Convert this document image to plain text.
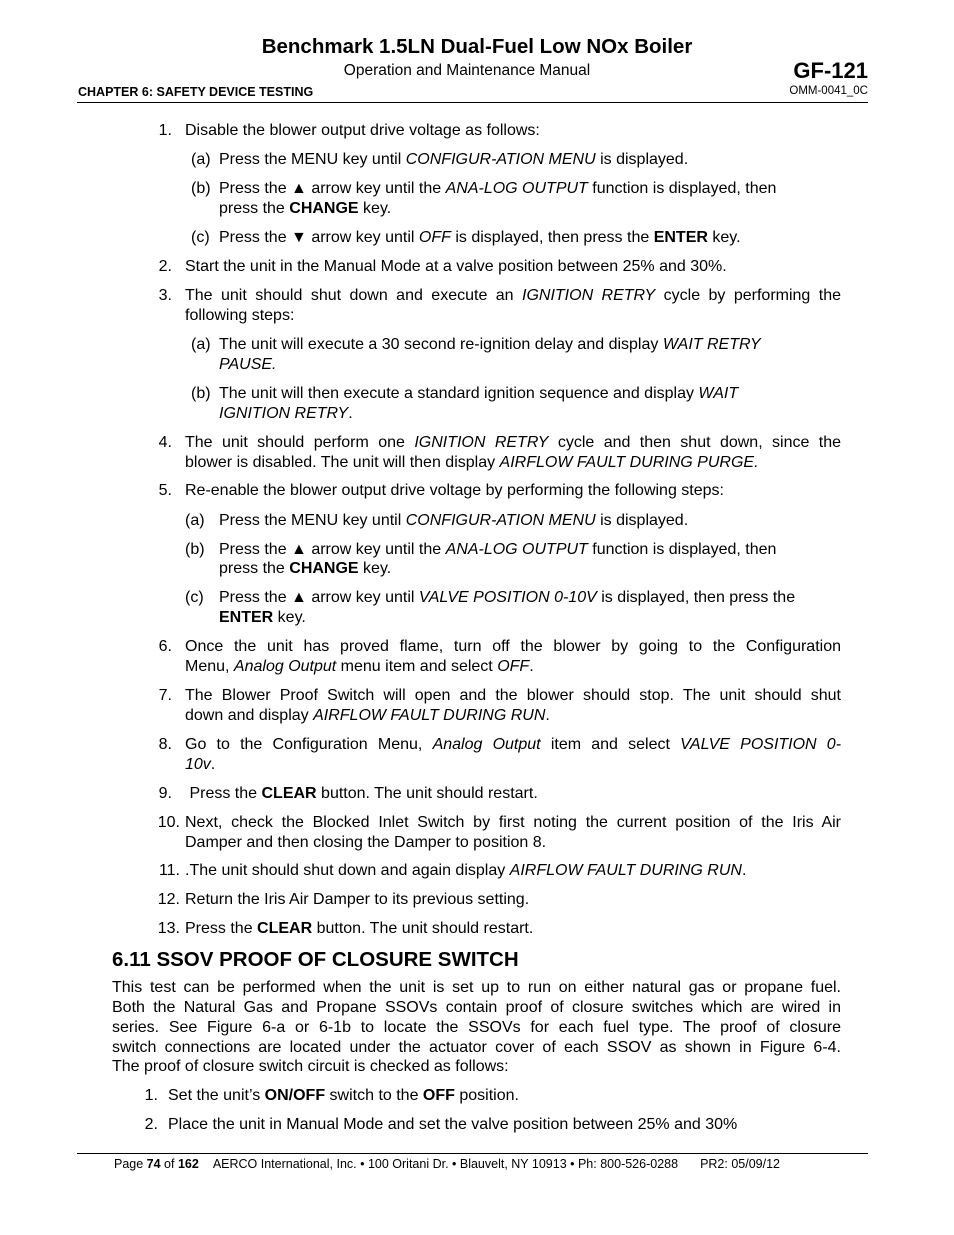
Benchmark 1.5LN Dual-Fuel Low NOx Boiler
Operation and Maintenance Manual	GF-121
CHAPTER 6: SAFETY DEVICE TESTING	OMM-0041_0C
1. Disable the blower output drive voltage as follows:
(a) Press the MENU key until CONFIGUR-ATION MENU is displayed.
(b) Press the ▲ arrow key until the ANA-LOG OUTPUT function is displayed, then
press the CHANGE key.
(c) Press the ▼ arrow key until OFF is displayed, then press the ENTER key.
2. Start the unit in the Manual Mode at a valve position between 25% and 30%.
3. The unit should shut down and execute an IGNITION RETRY cycle by performing the
following steps:
(a) The unit will execute a 30 second re-ignition delay and display WAIT RETRY
PAUSE.
(b) The unit will then execute a standard ignition sequence and display WAIT
IGNITION RETRY.
4. The unit should perform one IGNITION RETRY cycle and then shut down, since the
blower is disabled. The unit will then display AIRFLOW FAULT DURING PURGE.
5. Re-enable the blower output drive voltage by performing the following steps:
(a) Press the MENU key until CONFIGUR-ATION MENU is displayed.
(b) Press the ▲ arrow key until the ANA-LOG OUTPUT function is displayed, then
press the CHANGE key.
(c) Press the ▲ arrow key until VALVE POSITION 0-10V is displayed, then press the
ENTER key.
6. Once the unit has proved flame, turn off the blower by going to the Configuration
Menu, Analog Output menu item and select OFF.
7. The Blower Proof Switch will open and the blower should stop. The unit should shut
down and display AIRFLOW FAULT DURING RUN.
8. Go to the Configuration Menu, Analog Output item and select VALVE POSITION 0-
10v.
9. Press the CLEAR button. The unit should restart.
10. Next, check the Blocked Inlet Switch by first noting the current position of the Iris Air
Damper and then closing the Damper to position 8.
11. .The unit should shut down and again display AIRFLOW FAULT DURING RUN.
12. Return the Iris Air Damper to its previous setting.
13. Press the CLEAR button. The unit should restart.
6.11 SSOV PROOF OF CLOSURE SWITCH
This test can be performed when the unit is set up to run on either natural gas or propane fuel.
Both the Natural Gas and Propane SSOVs contain proof of closure switches which are wired in
series. See Figure 6-a or 6-1b to locate the SSOVs for each fuel type. The proof of closure
switch connections are located under the actuator cover of each SSOV as shown in Figure 6-4.
The proof of closure switch circuit is checked as follows:
1. Set the unit’s ON/OFF switch to the OFF position.
2. Place the unit in Manual Mode and set the valve position between 25% and 30%
Page 74 of 162 AERCO International, Inc. • 100 Oritani Dr. • Blauvelt, NY 10913 • Ph: 800-526-0288 PR2: 05/09/12
